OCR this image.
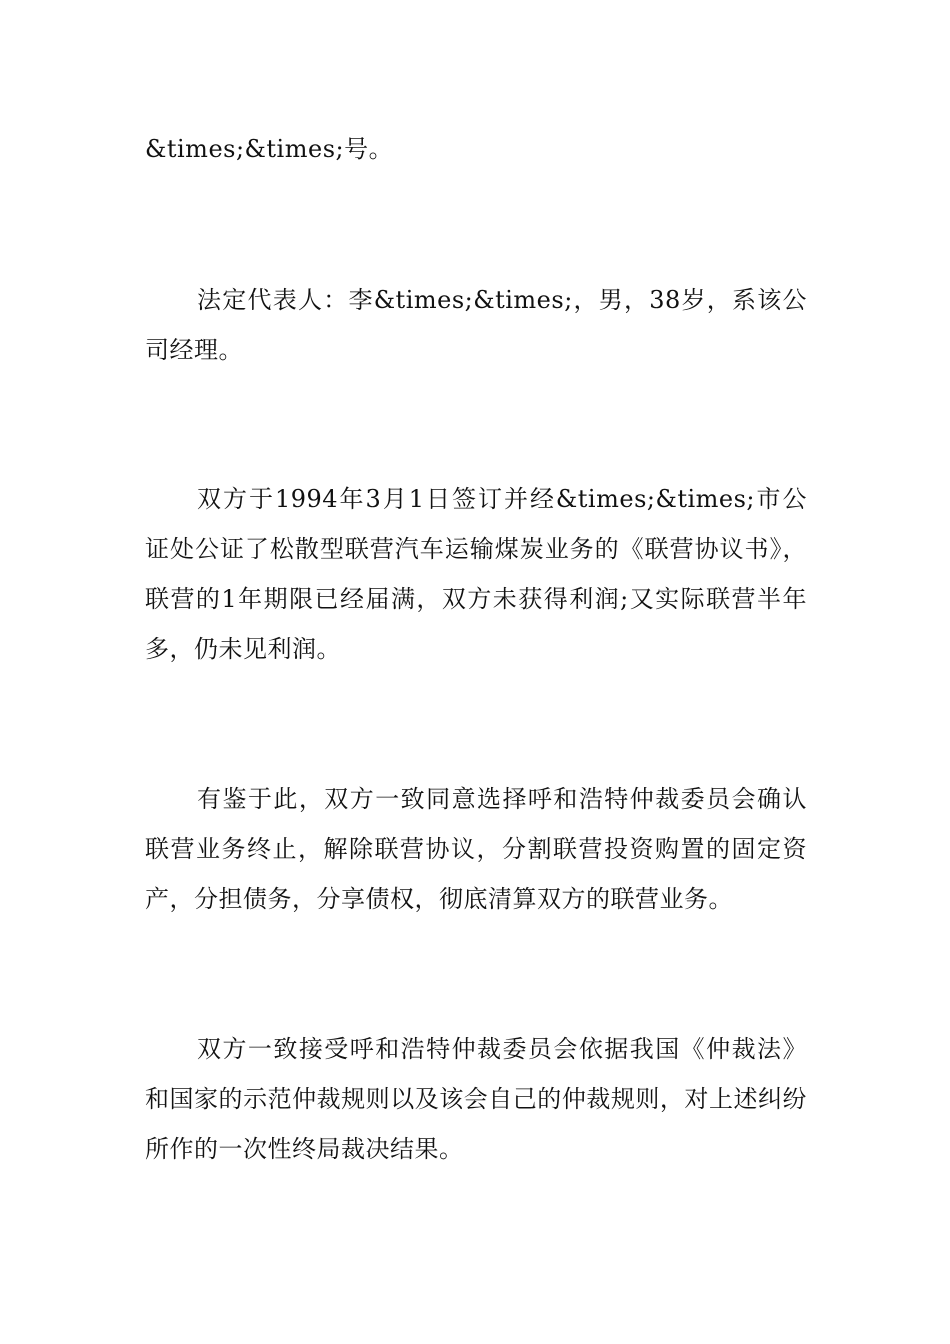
&times;&times;号。

法定代表人：李&times;&times;，男，38岁，系该公司经理。

双方于1994年3月1日签订并经&times;&times;市公证处公证了松散型联营汽车运输煤炭业务的《联营协议书》，联营的1年期限已经届满，双方未获得利润;又实际联营半年多，仍未见利润。

有鉴于此，双方一致同意选择呼和浩特仲裁委员会确认联营业务终止，解除联营协议，分割联营投资购置的固定资产，分担债务，分享债权，彻底清算双方的联营业务。

双方一致接受呼和浩特仲裁委员会依据我国《仲裁法》和国家的示范仲裁规则以及该会自己的仲裁规则，对上述纠纷所作的一次性终局裁决结果。
